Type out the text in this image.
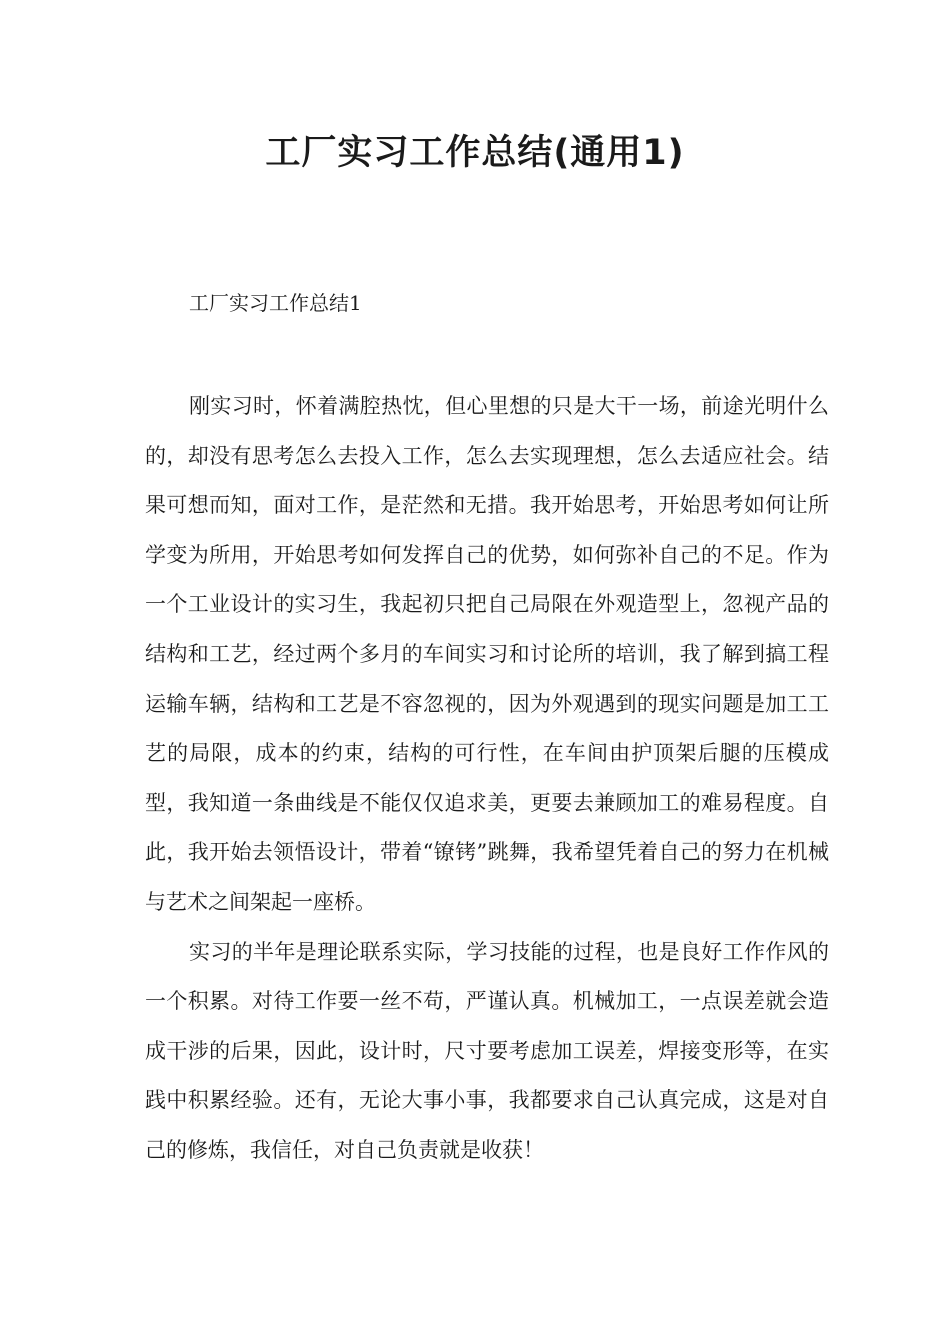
工厂实习工作总结(通用1)
工厂实习工作总结1

刚实习时，怀着满腔热忱，但心里想的只是大干一场，前途光明什么的，却没有思考怎么去投入工作，怎么去实现理想，怎么去适应社会。结果可想而知，面对工作，是茫然和无措。我开始思考，开始思考如何让所学变为所用，开始思考如何发挥自己的优势，如何弥补自己的不足。作为一个工业设计的实习生，我起初只把自己局限在外观造型上，忽视产品的结构和工艺，经过两个多月的车间实习和讨论所的培训，我了解到搞工程运输车辆，结构和工艺是不容忽视的，因为外观遇到的现实问题是加工工艺的局限，成本的约束，结构的可行性，在车间由护顶架后腿的压模成型，我知道一条曲线是不能仅仅追求美，更要去兼顾加工的难易程度。自此，我开始去领悟设计，带着“镣铐”跳舞，我希望凭着自己的努力在机械与艺术之间架起一座桥。

实习的半年是理论联系实际，学习技能的过程，也是良好工作作风的一个积累。对待工作要一丝不苟，严谨认真。机械加工，一点误差就会造成干涉的后果，因此，设计时，尺寸要考虑加工误差，焊接变形等，在实践中积累经验。还有，无论大事小事，我都要求自己认真完成，这是对自己的修炼，我信任，对自己负责就是收获！
